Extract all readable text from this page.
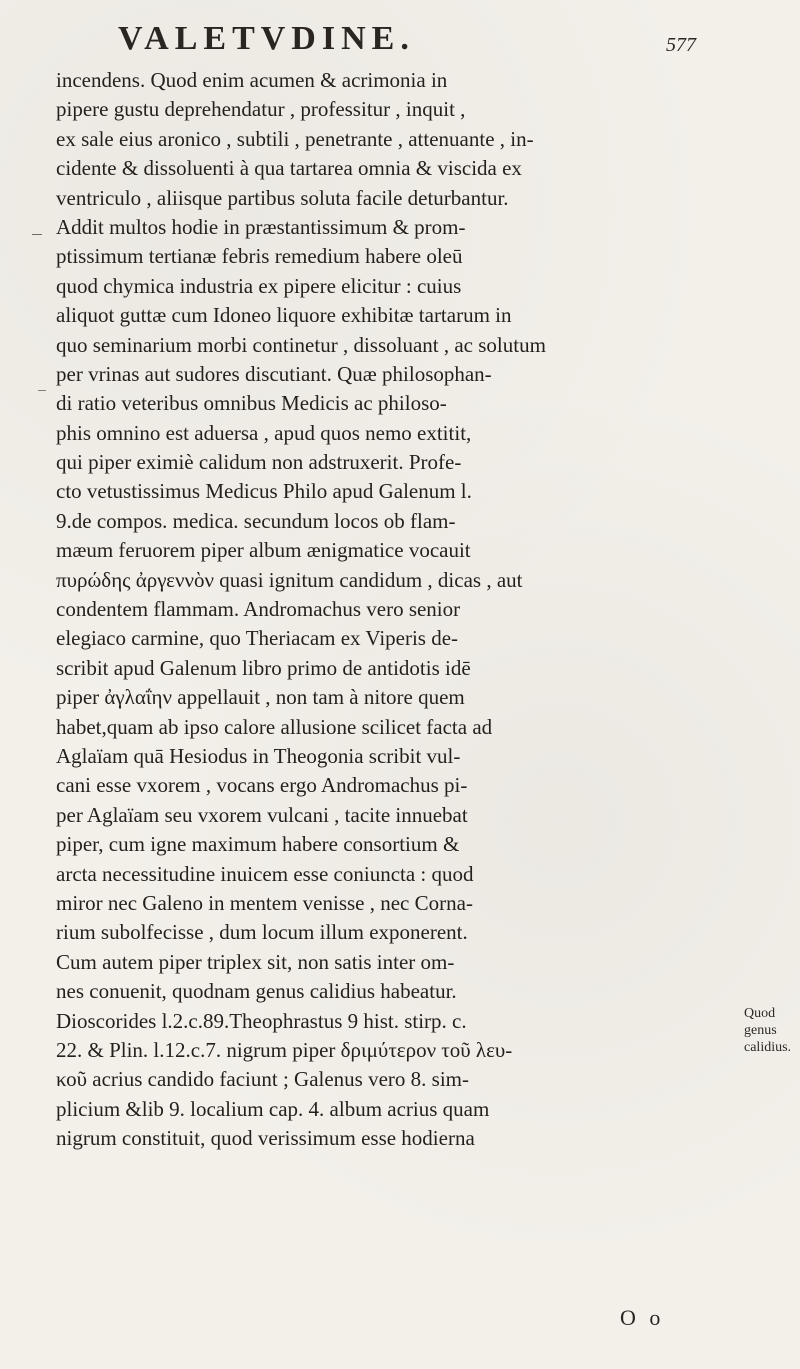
VALETVDINE.	577
incendens. Quod enim acumen & acrimonia in
pipere gustu deprehendatur , professitur , inquit ,
ex sale eius aronico , subtili , penetrante , attenuante , in-
cidente & dissoluenti à qua tartarea omnia & viscida ex
ventriculo , aliisque partibus soluta facile deturbantur.
Addit multos hodie in præstantissimum & prom-
ptissimum tertianæ febris remedium habere oleū
quod chymica industria ex pipere elicitur : cuius
aliquot guttæ cum Idoneo liquore exhibitæ tartarum in
quo seminarium morbi continetur , dissoluant , ac solutum
per vrinas aut sudores discutiant. Quæ philosophan-
di ratio veteribus omnibus Medicis ac philoso-
phis omnino est aduersa , apud quos nemo extitit,
qui piper eximiè calidum non adstruxerit. Profe-
cto vetustissimus Medicus Philo apud Galenum l.
9.de compos. medica. secundum locos ob flam-
mæum feruorem piper album ænigmatice vocauit
πυρώδης ἀργεννὸν quasi ignitum candidum , dicas , aut
condentem flammam. Andromachus vero senior
elegiaco carmine, quo Theriacam ex Viperis de-
scribit apud Galenum libro primo de antidotis idē
piper ἀγλαΐην appellauit , non tam à nitore quem
habet,quam ab ipso calore allusione scilicet facta ad
Aglaïam quā Hesiodus in Theogonia scribit vul-
cani esse vxorem , vocans ergo Andromachus pi-
per Aglaïam seu vxorem vulcani , tacite innuebat
piper, cum igne maximum habere consortium &
arcta necessitudine inuicem esse coniuncta : quod
miror nec Galeno in mentem venisse , nec Corna-
rium subolfecisse , dum locum illum exponerent.
Cum autem piper triplex sit, non satis inter om-
nes conuenit, quodnam genus calidius habeatur.
Dioscorides l.2.c.89.Theophrastus 9 hist. stirp. c.
22. & Plin. l.12.c.7. nigrum piper δριμύτερον τοῦ λευ-
κοῦ acrius candido faciunt ; Galenus vero 8. sim-
plicium &lib 9. localium cap. 4. album acrius quam
nigrum constituit, quod verissimum esse hodierna
Quod
genus
calidius.
O o
